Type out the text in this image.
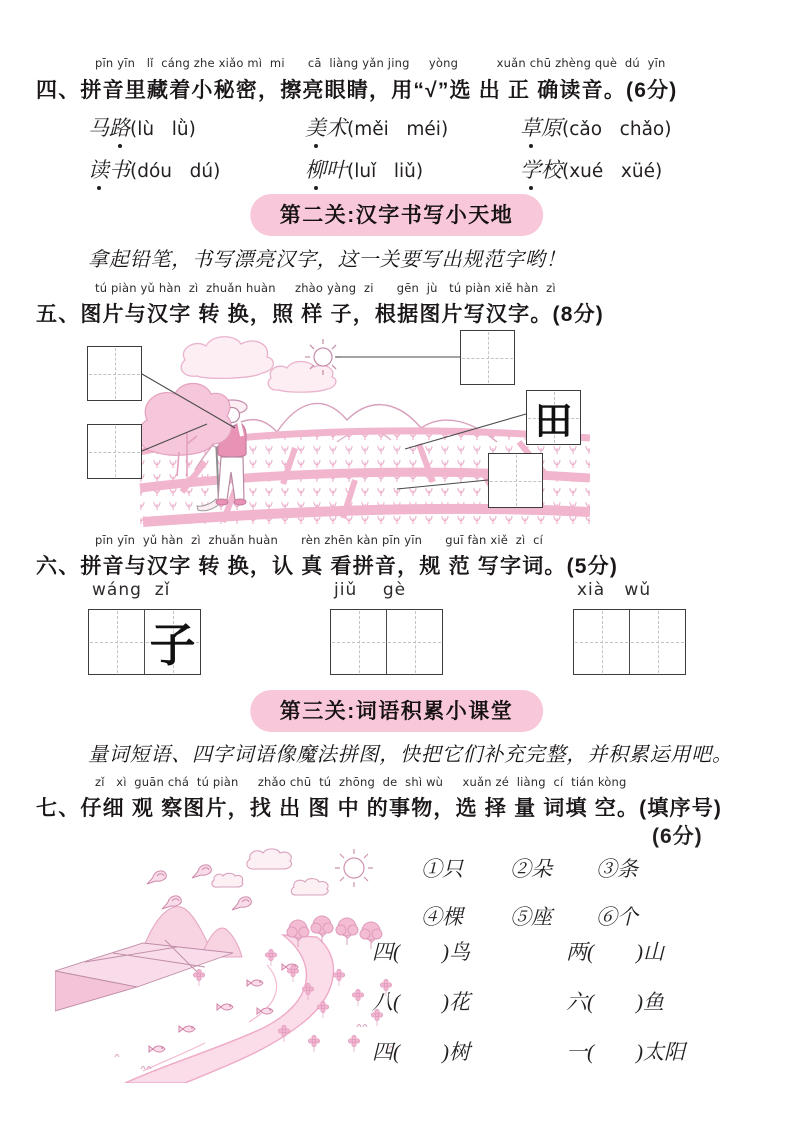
pīn yīn   lǐ  cáng zhe xiǎo mì  mi      cā  liàng yǎn jing     yòng          xuǎn chū zhèng què  dú  yīn
四、拼音里藏着小秘密，擦亮眼睛，用“√”选 出 正 确读音。(6分)
马路(lù   lǜ)	美术(měi   méi)	草原(cǎo   chǎo)
读书(dóu   dú)	柳叶(luǐ   liǔ)	学校(xué   xüé)
第二关:汉字书写小天地
拿起铅笔，书写漂亮汉字，这一关要写出规范字哟！
tú piàn yǔ hàn  zì  zhuǎn huàn     zhào yàng  zi      gēn  jù   tú piàn xiě hàn  zì
五、图片与汉字 转 换，照 样 子，根据图片写汉字。(8分)
田
pīn yīn  yǔ hàn  zì  zhuǎn huàn      rèn zhēn kàn pīn yīn      guī fàn xiě  zì  cí
六、拼音与汉字 转 换，认 真 看拼音，规 范 写字词。(5分)
wáng  zǐ
子
jiǔ    gè	xià   wǔ
第三关:词语积累小课堂
量词短语、四字词语像魔法拼图，快把它们补充完整，并积累运用吧。
zǐ   xì  guān chá  tú piàn     zhǎo chū  tú  zhōng  de  shì wù     xuǎn zé  liàng  cí  tián kòng
七、仔细 观 察图片，找 出 图 中 的事物，选 择 量 词填 空。(填序号)
(6分)
①只	②朵	③条
④棵	⑤座	⑥个
四( )鸟	两( )山
八( )花	六( )鱼
四( )树	一( )太阳
